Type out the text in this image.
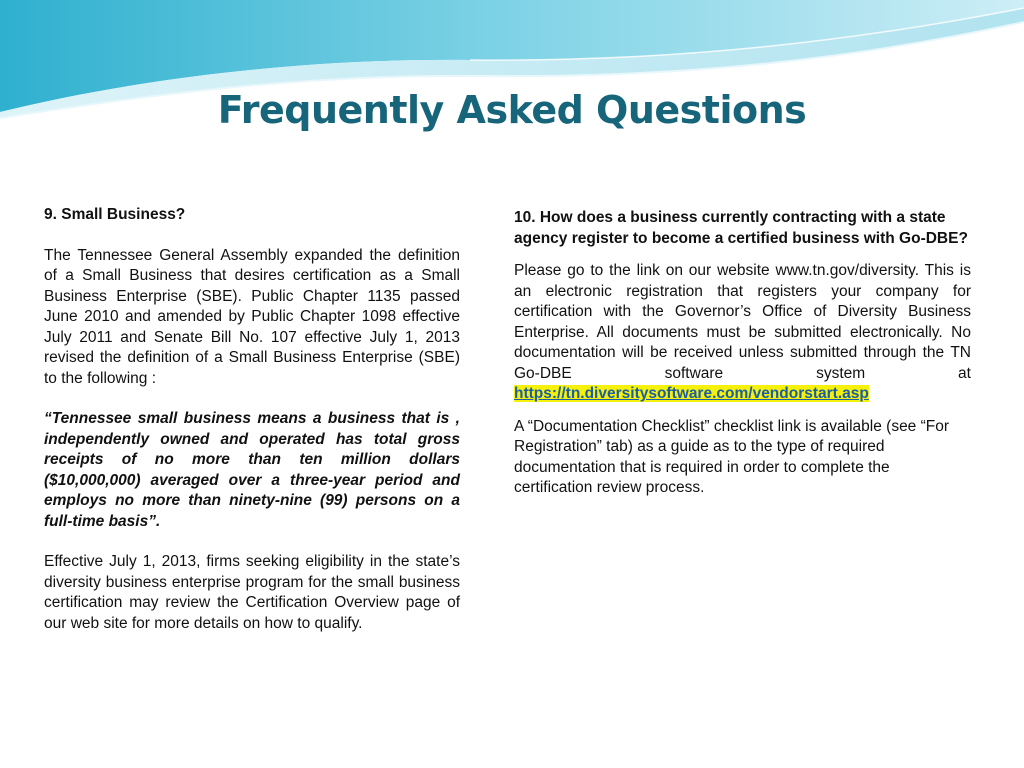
Frequently Asked Questions

9. Small Business?

The Tennessee General Assembly expanded the definition of a Small Business that desires certification as a Small Business Enterprise (SBE). Public Chapter 1135 passed June 2010 and amended by Public Chapter 1098 effective July 2011 and Senate Bill No. 107 effective July 1, 2013 revised the definition of a Small Business Enterprise (SBE) to the following :

“Tennessee small business means a business that is , independently owned and operated has total gross receipts of no more than ten million dollars ($10,000,000) averaged over a three-year period and employs no more than ninety-nine (99) persons on a full-time basis”.

Effective July 1, 2013, firms seeking eligibility in the state’s diversity business enterprise program for the small business certification may review the Certification Overview page of our web site for more details on how to qualify.

10. How does a business currently contracting with a state agency register to become a certified business with Go-DBE?

Please go to the link on our website www.tn.gov/diversity. This is an electronic registration that registers your company for certification with the Governor’s Office of Diversity Business Enterprise. All documents must be submitted electronically. No documentation will be received unless submitted through the TN Go-DBE software system at https://tn.diversitysoftware.com/vendorstart.asp

A “Documentation Checklist” checklist link is available (see “For Registration” tab) as a guide as to the type of required documentation that is required in order to complete the certification review process.
